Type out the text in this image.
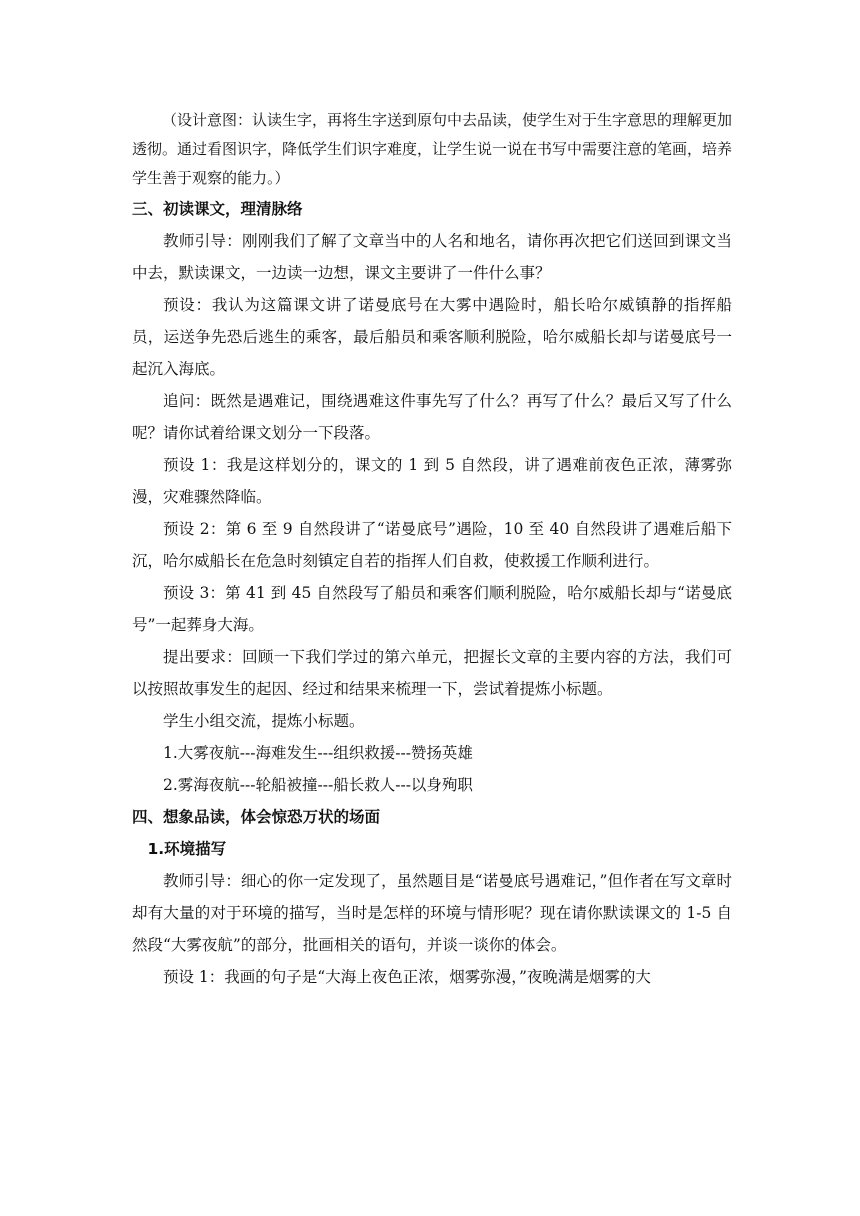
（设计意图：认读生字，再将生字送到原句中去品读，使学生对于生字意思的理解更加透彻。通过看图识字，降低学生们识字难度，让学生说一说在书写中需要注意的笔画，培养学生善于观察的能力。）

三、初读课文，理清脉络

教师引导：刚刚我们了解了文章当中的人名和地名，请你再次把它们送回到课文当中去，默读课文，一边读一边想，课文主要讲了一件什么事？

预设：我认为这篇课文讲了诺曼底号在大雾中遇险时，船长哈尔威镇静的指挥船员，运送争先恐后逃生的乘客，最后船员和乘客顺利脱险，哈尔威船长却与诺曼底号一起沉入海底。

追问：既然是遇难记，围绕遇难这件事先写了什么？再写了什么？最后又写了什么呢？请你试着给课文划分一下段落。

预设 1：我是这样划分的，课文的 1 到 5 自然段，讲了遇难前夜色正浓，薄雾弥漫，灾难骤然降临。

预设 2：第 6 至 9 自然段讲了“诺曼底号”遇险，10 至 40 自然段讲了遇难后船下沉，哈尔威船长在危急时刻镇定自若的指挥人们自救，使救援工作顺利进行。

预设 3：第 41 到 45 自然段写了船员和乘客们顺利脱险，哈尔威船长却与“诺曼底号”一起葬身大海。

提出要求：回顾一下我们学过的第六单元，把握长文章的主要内容的方法，我们可以按照故事发生的起因、经过和结果来梳理一下，尝试着提炼小标题。

学生小组交流，提炼小标题。

1.大雾夜航---海难发生---组织救援---赞扬英雄

2.雾海夜航---轮船被撞---船长救人---以身殉职

四、想象品读，体会惊恐万状的场面

1.环境描写

教师引导：细心的你一定发现了，虽然题目是“诺曼底号遇难记，”但作者在写文章时却有大量的对于环境的描写，当时是怎样的环境与情形呢？现在请你默读课文的 1-5 自然段“大雾夜航”的部分，批画相关的语句，并谈一谈你的体会。

预设 1：我画的句子是“大海上夜色正浓，烟雾弥漫，”夜晚满是烟雾的大
